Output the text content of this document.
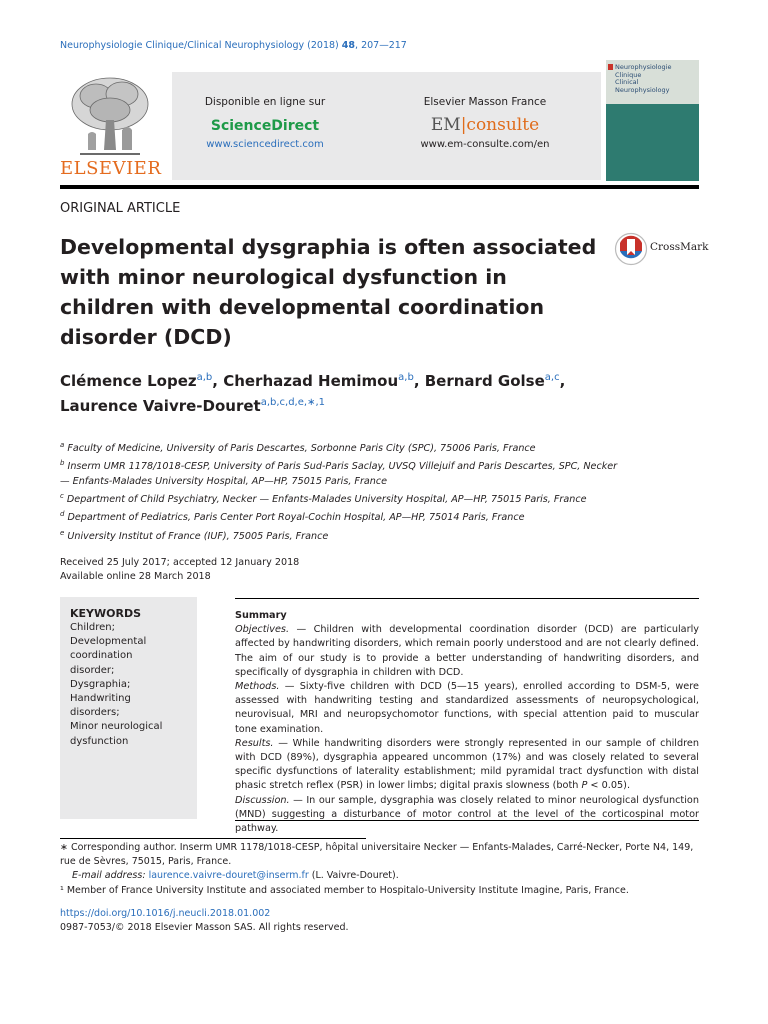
Neurophysiologie Clinique/Clinical Neurophysiology (2018) 48, 207—217
ELSEVIER
Disponible en ligne sur
ScienceDirect
www.sciencedirect.com
Elsevier Masson France
EM|consulte
www.em-consulte.com/en
Neurophysiologie
Clinique
Clinical
Neurophysiology
ORIGINAL ARTICLE
Developmental dysgraphia is often associated with minor neurological dysfunction in children with developmental coordination disorder (DCD)
CrossMark
Clémence Lopez$^{a,b}$, Cherhazad Hemimou$^{a,b}$, Bernard Golse$^{a,c}$,
Laurence Vaivre-Douret$^{a,b,c,d,e,∗,1}$
$^a$ Faculty of Medicine, University of Paris Descartes, Sorbonne Paris City (SPC), 75006 Paris, France
$^b$ Inserm UMR 1178/1018-CESP, University of Paris Sud-Paris Saclay, UVSQ Villejuif and Paris Descartes, SPC, Necker — Enfants-Malades University Hospital, AP—HP, 75015 Paris, France
$^c$ Department of Child Psychiatry, Necker — Enfants-Malades University Hospital, AP—HP, 75015 Paris, France
$^d$ Department of Pediatrics, Paris Center Port Royal-Cochin Hospital, AP—HP, 75014 Paris, France
$^e$ University Institut of France (IUF), 75005 Paris, France
Received 25 July 2017; accepted 12 January 2018
Available online 28 March 2018
KEYWORDS
Children;
Developmental
coordination
disorder;
Dysgraphia;
Handwriting
disorders;
Minor neurological
dysfunction
Summary

Objectives. — Children with developmental coordination disorder (DCD) are particularly affected by handwriting disorders, which remain poorly understood and are not clearly defined. The aim of our study is to provide a better understanding of handwriting disorders, and specifically of dysgraphia in children with DCD.

Methods. — Sixty-five children with DCD (5—15 years), enrolled according to DSM-5, were assessed with handwriting testing and standardized assessments of neuropsychological, neurovisual, MRI and neuropsychomotor functions, with special attention paid to muscular tone examination.

Results. — While handwriting disorders were strongly represented in our sample of children with DCD (89%), dysgraphia appeared uncommon (17%) and was closely related to several specific dysfunctions of laterality establishment; mild pyramidal tract dysfunction with distal phasic stretch reflex (PSR) in lower limbs; digital praxis slowness (both P < 0.05).

Discussion. — In our sample, dysgraphia was closely related to minor neurological dysfunction (MND) suggesting a disturbance of motor control at the level of the corticospinal motor pathway.

∗ Corresponding author. Inserm UMR 1178/1018-CESP, hôpital universitaire Necker — Enfants-Malades, Carré-Necker, Porte N4, 149, rue de Sèvres, 75015, Paris, France.

E-mail address: laurence.vaivre-douret@inserm.fr (L. Vaivre-Douret).

¹ Member of France University Institute and associated member to Hospitalo-University Institute Imagine, Paris, France.

https://doi.org/10.1016/j.neucli.2018.01.002
0987-7053/© 2018 Elsevier Masson SAS. All rights reserved.
